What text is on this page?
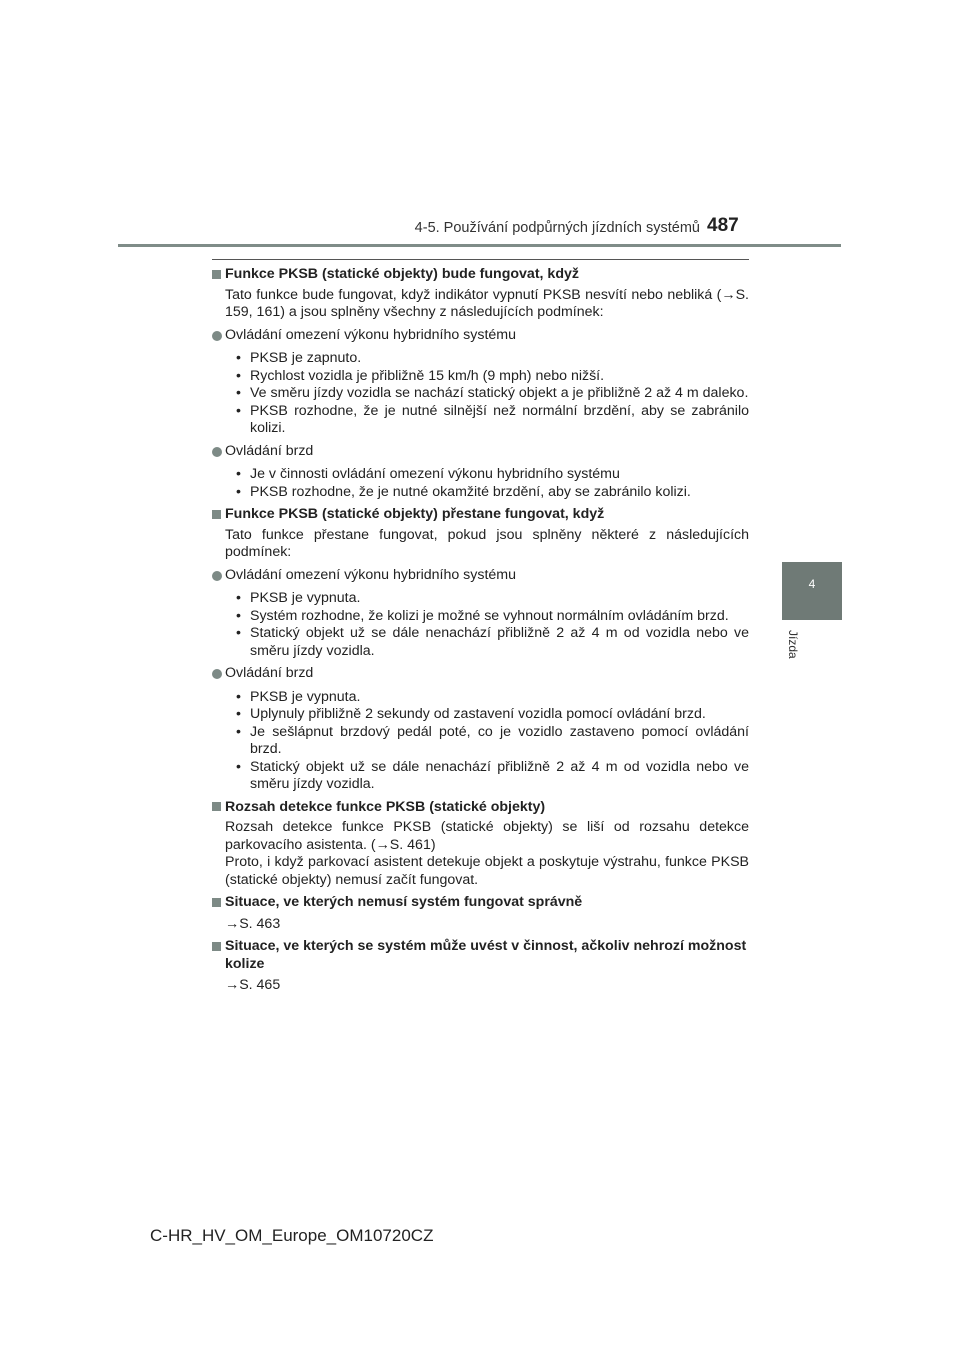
4-5. Používání podpůrných jízdních systémů 487
4
Jízda
Funkce PKSB (statické objekty) bude fungovat, když

Tato funkce bude fungovat, když indikátor vypnutí PKSB nesvítí nebo nebliká (→S. 159, 161) a jsou splněny všechny z následujících podmínek:

Ovládání omezení výkonu hybridního systému
• PKSB je zapnuto.
• Rychlost vozidla je přibližně 15 km/h (9 mph) nebo nižší.
• Ve směru jízdy vozidla se nachází statický objekt a je přibližně 2 až 4 m daleko.
• PKSB rozhodne, že je nutné silnější než normální brzdění, aby se zabránilo kolizi.
Ovládání brzd
• Je v činnosti ovládání omezení výkonu hybridního systému
• PKSB rozhodne, že je nutné okamžité brzdění, aby se zabránilo kolizi.
Funkce PKSB (statické objekty) přestane fungovat, když

Tato funkce přestane fungovat, pokud jsou splněny některé z následujících podmínek:

Ovládání omezení výkonu hybridního systému
• PKSB je vypnuta.
• Systém rozhodne, že kolizi je možné se vyhnout normálním ovládáním brzd.
• Statický objekt už se dále nenachází přibližně 2 až 4 m od vozidla nebo ve směru jízdy vozidla.
Ovládání brzd
• PKSB je vypnuta.
• Uplynuly přibližně 2 sekundy od zastavení vozidla pomocí ovládání brzd.
• Je sešlápnut brzdový pedál poté, co je vozidlo zastaveno pomocí ovládání brzd.
• Statický objekt už se dále nenachází přibližně 2 až 4 m od vozidla nebo ve směru jízdy vozidla.
Rozsah detekce funkce PKSB (statické objekty)

Rozsah detekce funkce PKSB (statické objekty) se liší od rozsahu detekce parkovacího asistenta. (→S. 461)

Proto, i když parkovací asistent detekuje objekt a poskytuje výstrahu, funkce PKSB (statické objekty) nemusí začít fungovat.

Situace, ve kterých nemusí systém fungovat správně

→S. 463

Situace, ve kterých se systém může uvést v činnost, ačkoliv nehrozí možnost kolize

→S. 465

C-HR_HV_OM_Europe_OM10720CZ
